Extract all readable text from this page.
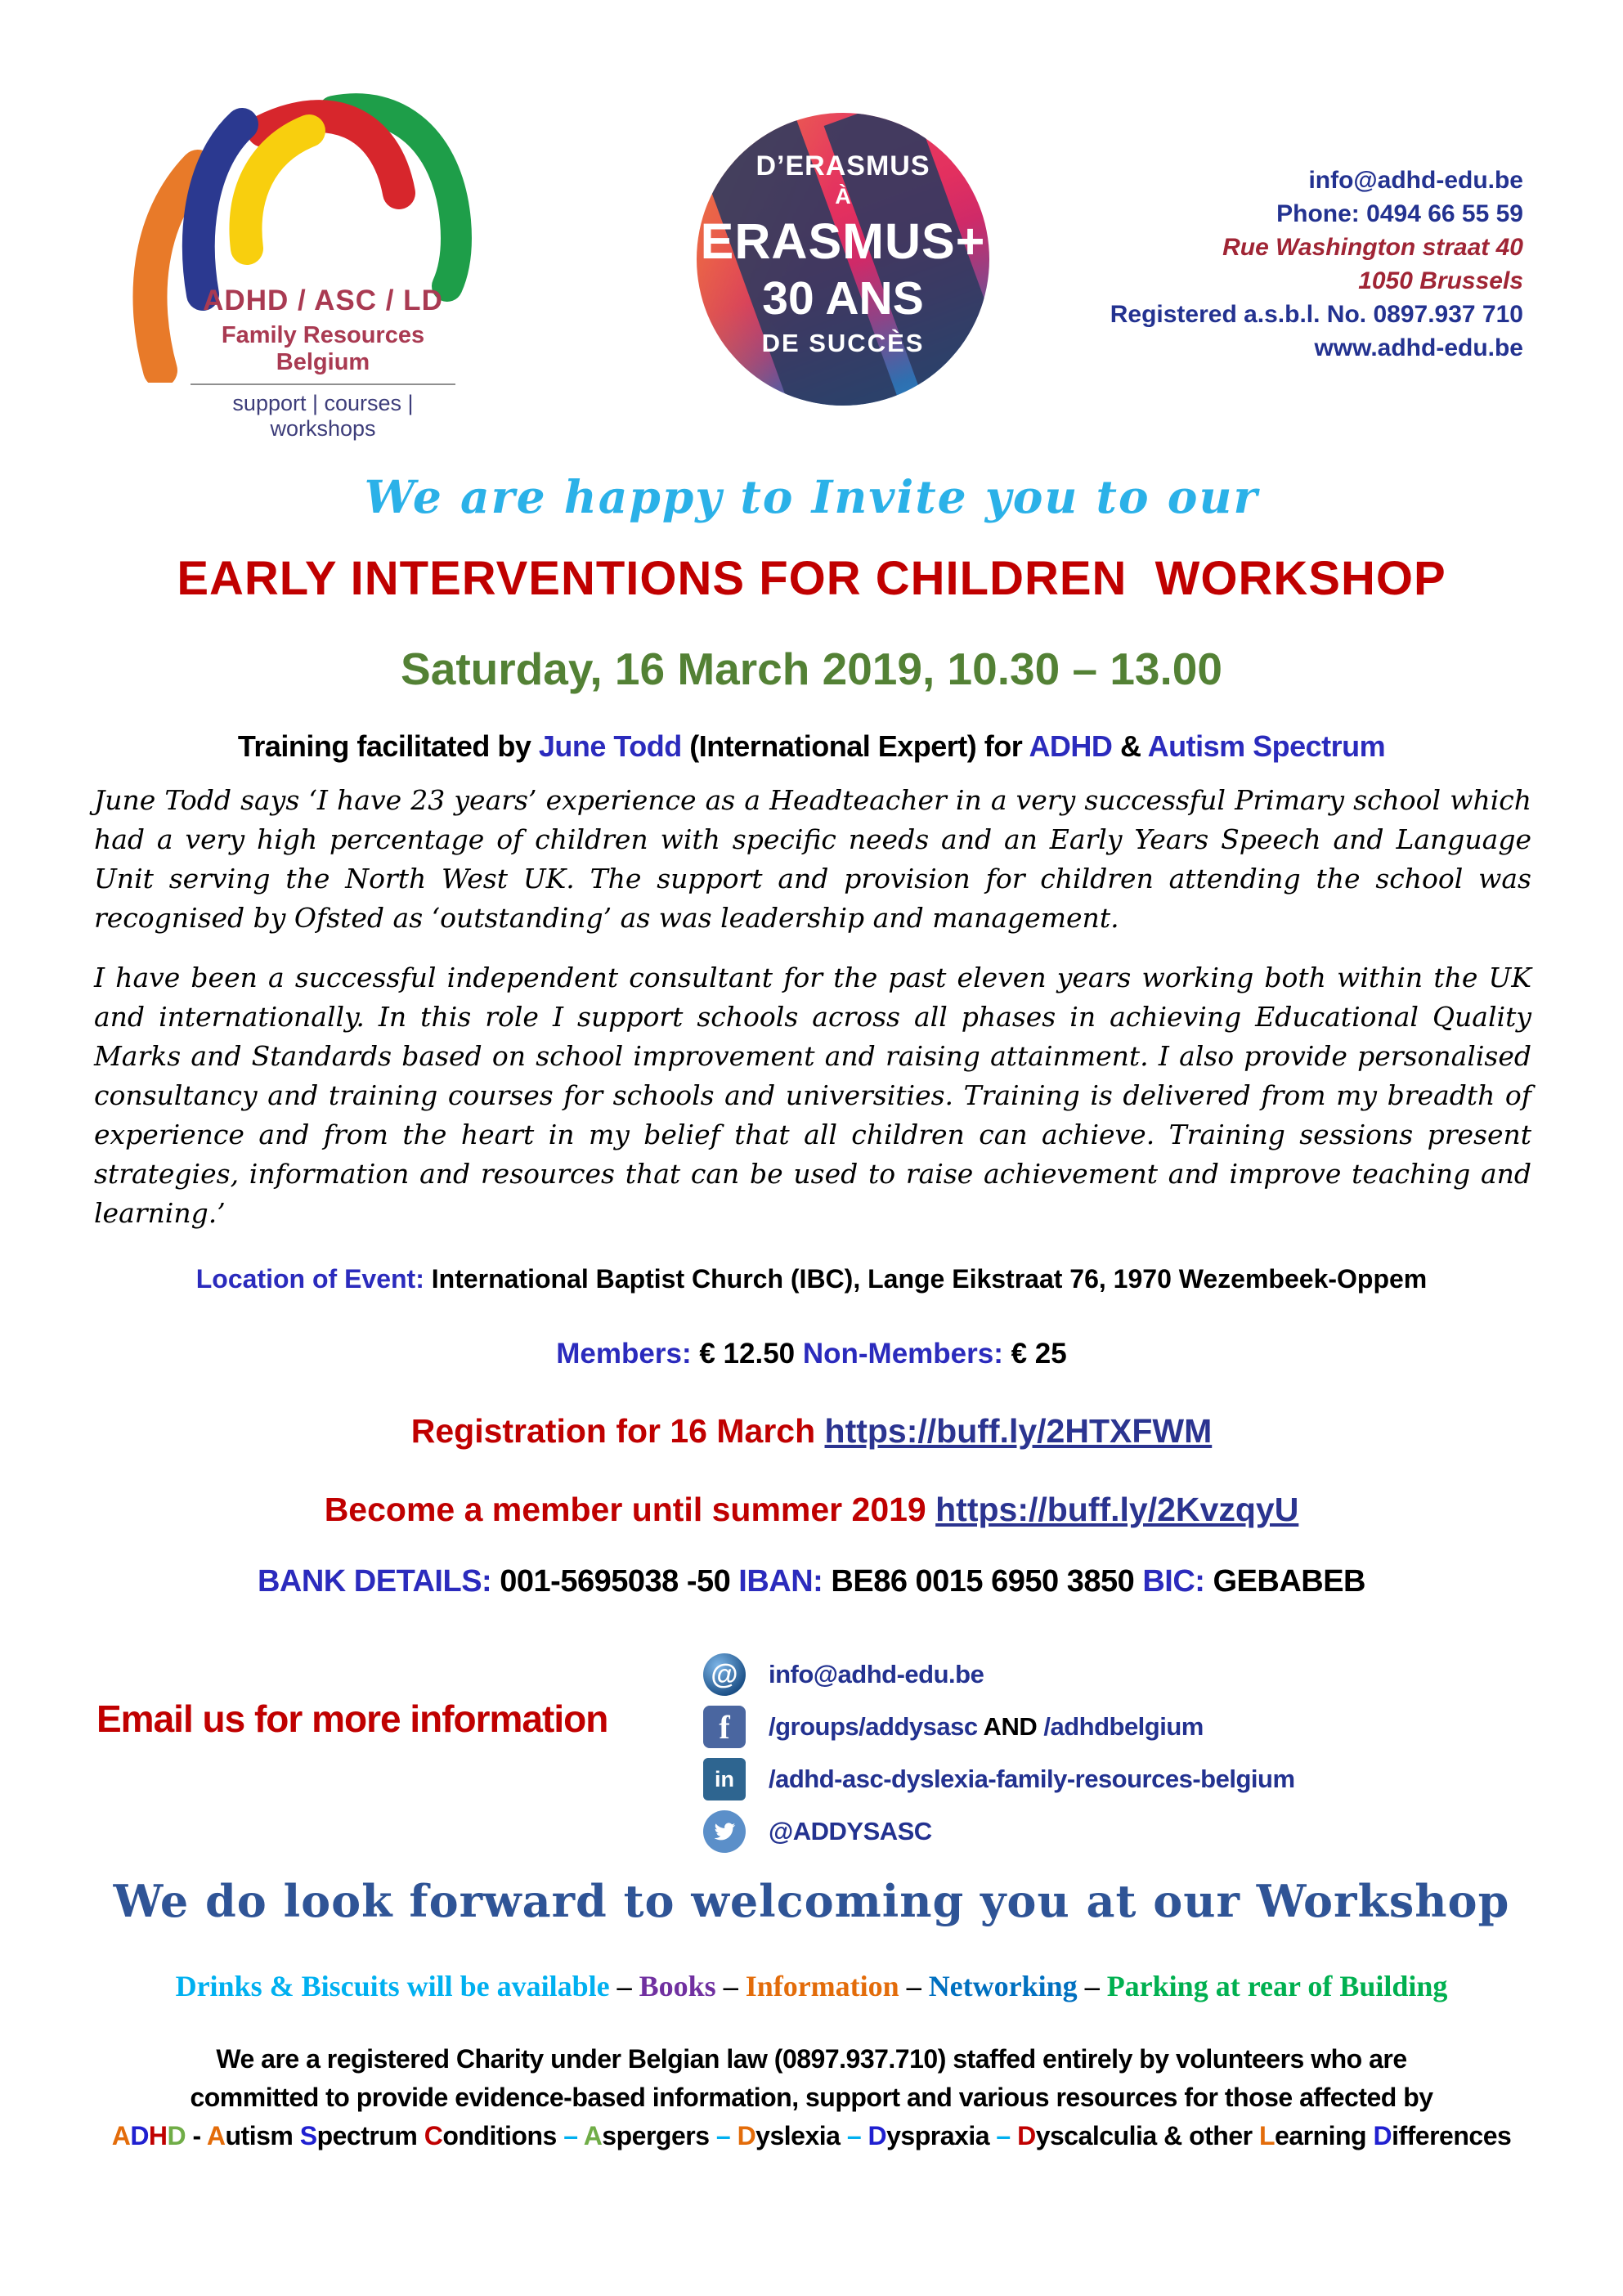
ADHD / ASC / LD
Family Resources Belgium
support | courses | workshops
D’ERASMUS
À
ERASMUS+
30 ANS
DE SUCCÈS
info@adhd-edu.be
Phone: 0494 66 55 59
Rue Washington straat 40
1050 Brussels
Registered a.s.b.l. No. 0897.937 710
www.adhd-edu.be
We are happy to Invite you to our
EARLY INTERVENTIONS FOR CHILDREN  WORKSHOP
Saturday, 16 March 2019, 10.30 – 13.00
Training facilitated by June Todd (International Expert) for ADHD & Autism Spectrum
June Todd says ‘I have 23 years’ experience as a Headteacher in a very successful Primary school which had a very high percentage of children with specific needs and an Early Years Speech and Language Unit serving the North West UK. The support and provision for children attending the school was recognised by Ofsted as ‘outstanding’ as was leadership and management.
I have been a successful independent consultant for the past eleven years working both within the UK and internationally. In this role I support schools across all phases in achieving Educational Quality Marks and Standards based on school improvement and raising attainment. I also provide personalised consultancy and training courses for schools and universities. Training is delivered from my breadth of experience and from the heart in my belief that all children can achieve. Training sessions present strategies, information and resources that can be used to raise achievement and improve teaching and learning.’
Location of Event: International Baptist Church (IBC), Lange Eikstraat 76, 1970 Wezembeek-Oppem
Members: € 12.50 Non-Members: € 25
Registration for 16 March https://buff.ly/2HTXFWM
Become a member until summer 2019 https://buff.ly/2KvzqyU
BANK DETAILS: 001-5695038 -50 IBAN: BE86 0015 6950 3850 BIC: GEBABEB
Email us for more information
@	info@adhd-edu.be
f	/groups/addysasc AND /adhdbelgium
in	/adhd-asc-dyslexia-family-resources-belgium
@ADDYSASC
We do look forward to welcoming you at our Workshop
Drinks & Biscuits will be available – Books – Information – Networking – Parking at rear of Building
We are a registered Charity under Belgian law (0897.937.710) staffed entirely by volunteers who are
committed to provide evidence-based information, support and various resources for those affected by
ADHD - Autism Spectrum Conditions – Aspergers – Dyslexia – Dyspraxia – Dyscalculia & other Learning Differences
